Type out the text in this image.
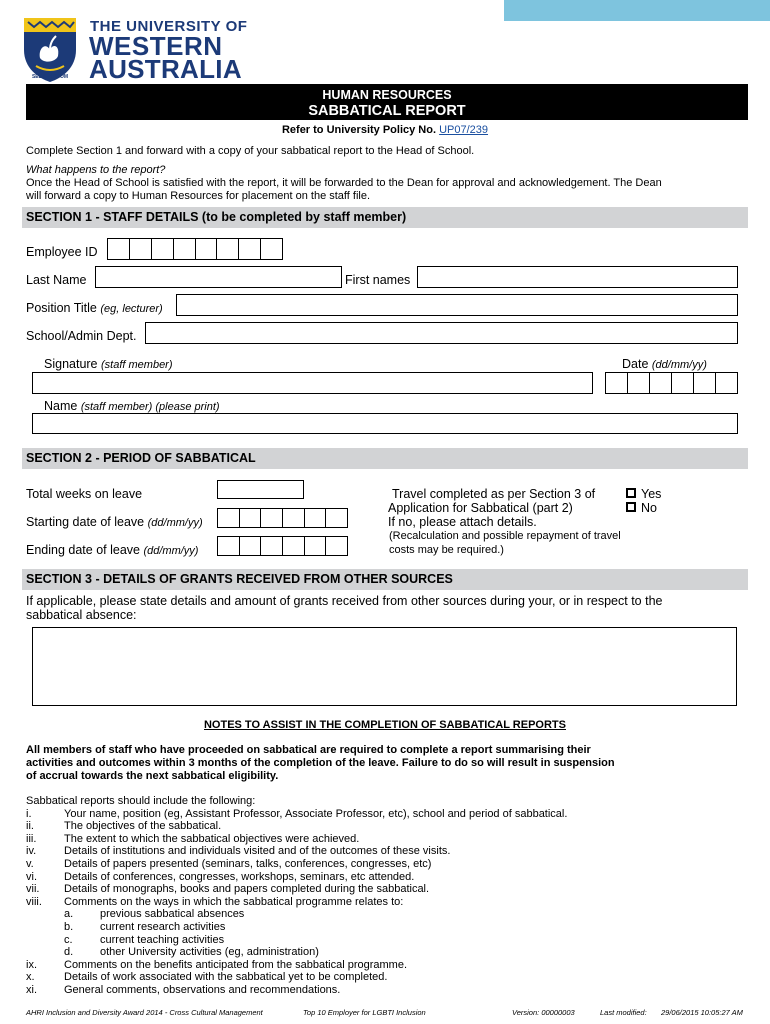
SEEK WISDOM
THE UNIVERSITY OF
WESTERN
AUSTRALIA
HUMAN RESOURCES
SABBATICAL REPORT
Refer to University Policy No. UP07/239
Complete Section 1 and forward with a copy of your sabbatical report to the Head of School.
What happens to the report?
Once the Head of School is satisfied with the report, it will be forwarded to the Dean for approval and acknowledgement. The Dean
will forward a copy to Human Resources for placement on the staff file.
SECTION 1 - STAFF DETAILS (to be completed by staff member)
Employee ID
Last Name	First names
Position Title (eg, lecturer)
School/Admin Dept.
Signature (staff member)	Date (dd/mm/yy)
Name (staff member) (please print)
SECTION 2 - PERIOD OF SABBATICAL
Total weeks on leave
Starting date of leave (dd/mm/yy)
Ending date of leave (dd/mm/yy)
Travel completed as per Section 3 of
Application for Sabbatical (part 2)
If no, please attach details.
(Recalculation and possible repayment of travel
costs may be required.)
Yes
No
SECTION 3 - DETAILS OF GRANTS RECEIVED FROM OTHER SOURCES
If applicable, please state details and amount of grants received from other sources during your, or in respect to the
sabbatical absence:
NOTES TO ASSIST IN THE COMPLETION OF SABBATICAL REPORTS
All members of staff who have proceeded on sabbatical are required to complete a report summarising their
activities and outcomes within 3 months of the completion of the leave. Failure to do so will result in suspension
of accrual towards the next sabbatical eligibility.
Sabbatical reports should include the following:
i.	Your name, position (eg, Assistant Professor, Associate Professor, etc), school and period of sabbatical.
ii.	The objectives of the sabbatical.
iii.	The extent to which the sabbatical objectives were achieved.
iv.	Details of institutions and individuals visited and of the outcomes of these visits.
v.	Details of papers presented (seminars, talks, conferences, congresses, etc)
vi.	Details of conferences, congresses, workshops, seminars, etc attended.
vii.	Details of monographs, books and papers completed during the sabbatical.
viii.	Comments on the ways in which the sabbatical programme relates to:
a.	previous sabbatical absences
b.	current research activities
c.	current teaching activities
d.	other University activities (eg, administration)
ix.	Comments on the benefits anticipated from the sabbatical programme.
x.	Details of work associated with the sabbatical yet to be completed.
xi.	General comments, observations and recommendations.
AHRI Inclusion and Diversity Award 2014 - Cross Cultural Management	Top 10 Employer for LGBTI Inclusion	Version: 00000003	Last modified: 29/06/2015 10:05:27 AM
